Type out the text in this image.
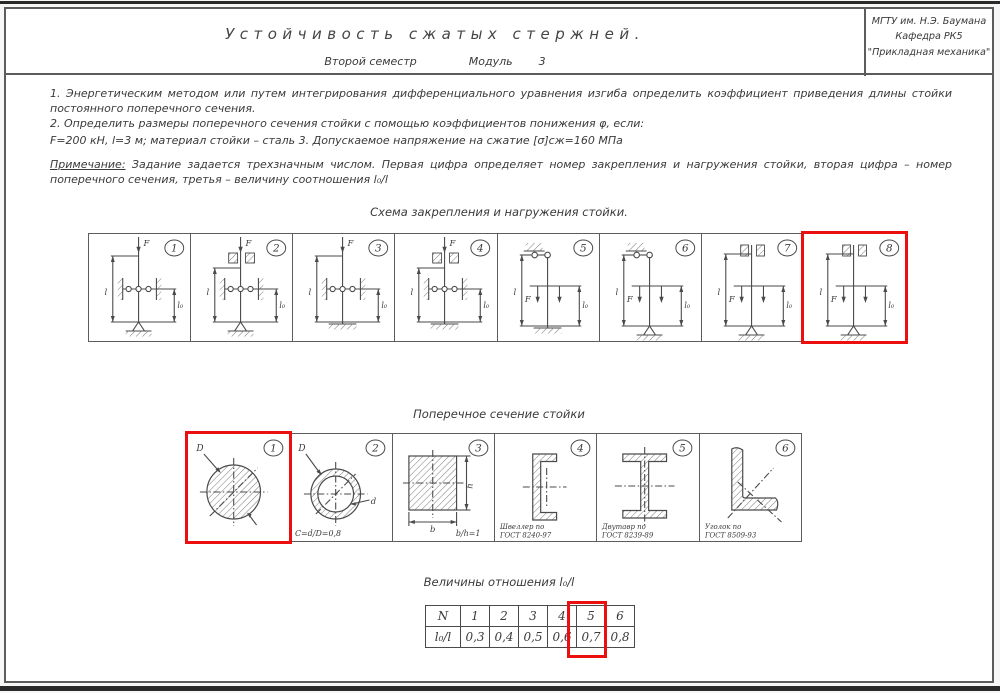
Устойчивость сжатых стержней.
Второй семестр	Модуль 3
МГТУ им. Н.Э. Баумана
Кафедра РК5
"Прикладная механика"

1. Энергетическим методом или путем интегрирования дифференциального уравнения изгиба определить коэффициент приведения длины стойки постоянного поперечного сечения.

2. Определить размеры поперечного сечения стойки с помощью коэффициентов понижения φ, если:

F=200 кН, l=3 м; материал стойки – сталь 3. Допускаемое напряжение на сжатие [σ]сж=160 МПа

Примечание: Задание задается трехзначным числом. Первая цифра определяет номер закрепления и нагружения стойки, вторая цифра – номер поперечного сечения, третья – величину соотношения l₀/l

Схема закрепления и нагружения стойки.
F
l
l₀
1	F
l
l₀
2	F
l
l₀
3	F
l
l₀
4
l
F
l₀
5
l
F
l₀
6
l
F
l₀
7
l
F
l₀
8
Поперечное сечение стойки
D	1 D
d
C=d/D=0,8
2
h
b	b/h=1
3
Швеллер по
ГОСТ 8240-97
4
Двутавр по
ГОСТ 8239-89
5
Уголок по
ГОСТ 8509-93
6
Величины отношения l₀/l
N	1	2	3	4	5	6
l₀/l	0,3	0,4	0,5	0,6	0,7	0,8
